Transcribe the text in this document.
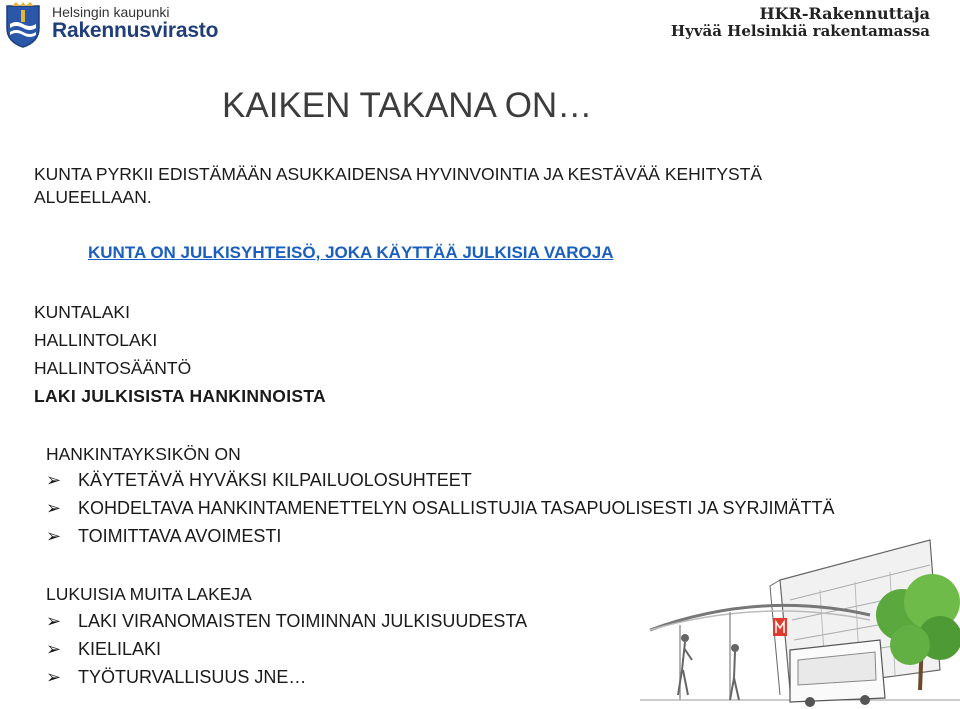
Helsingin kaupunki
Rakennusvirasto
HKR-Rakennuttaja
Hyvää Helsinkiä rakentamassa
KAIKEN TAKANA ON…
KUNTA PYRKII EDISTÄMÄÄN ASUKKAIDENSA HYVINVOINTIA JA KESTÄVÄÄ KEHITYSTÄ
ALUEELLAAN.
KUNTA ON JULKISYHTEISÖ, JOKA KÄYTTÄÄ JULKISIA VAROJA
KUNTALAKI
HALLINTOLAKI
HALLINTOSÄÄNTÖ
LAKI JULKISISTA HANKINNOISTA
HANKINTAYKSIKÖN ON
➢ KÄYTETÄVÄ HYVÄKSI KILPAILUOLOSUHTEET
➢ KOHDELTAVA HANKINTAMENETTELYN OSALLISTUJIA TASAPUOLISESTI JA SYRJIMÄTTÄ
➢ TOIMITTAVA AVOIMESTI
LUKUISIA MUITA LAKEJA
➢ LAKI VIRANOMAISTEN TOIMINNAN JULKISUUDESTA
➢ KIELILAKI
➢ TYÖTURVALLISUUS JNE…
